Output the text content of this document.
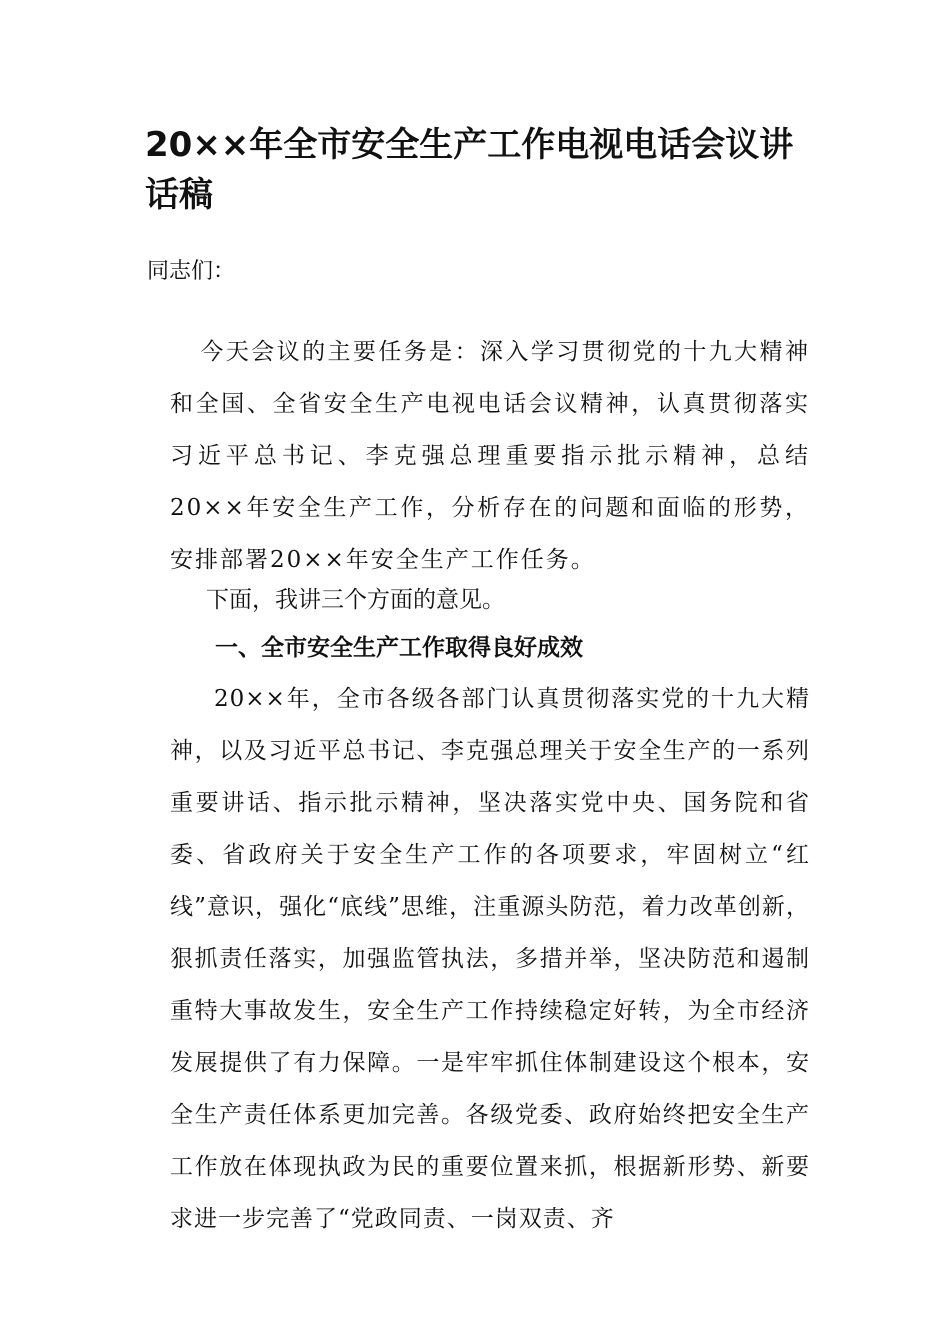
20××年全市安全生产工作电视电话会议讲话稿
同志们：
今天会议的主要任务是：深入学习贯彻党的十九大精神和全国、全省安全生产电视电话会议精神，认真贯彻落实习近平总书记、李克强总理重要指示批示精神，总结20××年安全生产工作，分析存在的问题和面临的形势，安排部署20××年安全生产工作任务。
下面，我讲三个方面的意见。
一、全市安全生产工作取得良好成效
20××年，全市各级各部门认真贯彻落实党的十九大精神，以及习近平总书记、李克强总理关于安全生产的一系列重要讲话、指示批示精神，坚决落实党中央、国务院和省委、省政府关于安全生产工作的各项要求，牢固树立“红线”意识，强化“底线”思维，注重源头防范，着力改革创新，狠抓责任落实，加强监管执法，多措并举，坚决防范和遏制重特大事故发生，安全生产工作持续稳定好转，为全市经济发展提供了有力保障。一是牢牢抓住体制建设这个根本，安全生产责任体系更加完善。各级党委、政府始终把安全生产工作放在体现执政为民的重要位置来抓，根据新形势、新要求进一步完善了“党政同责、一岗双责、齐
